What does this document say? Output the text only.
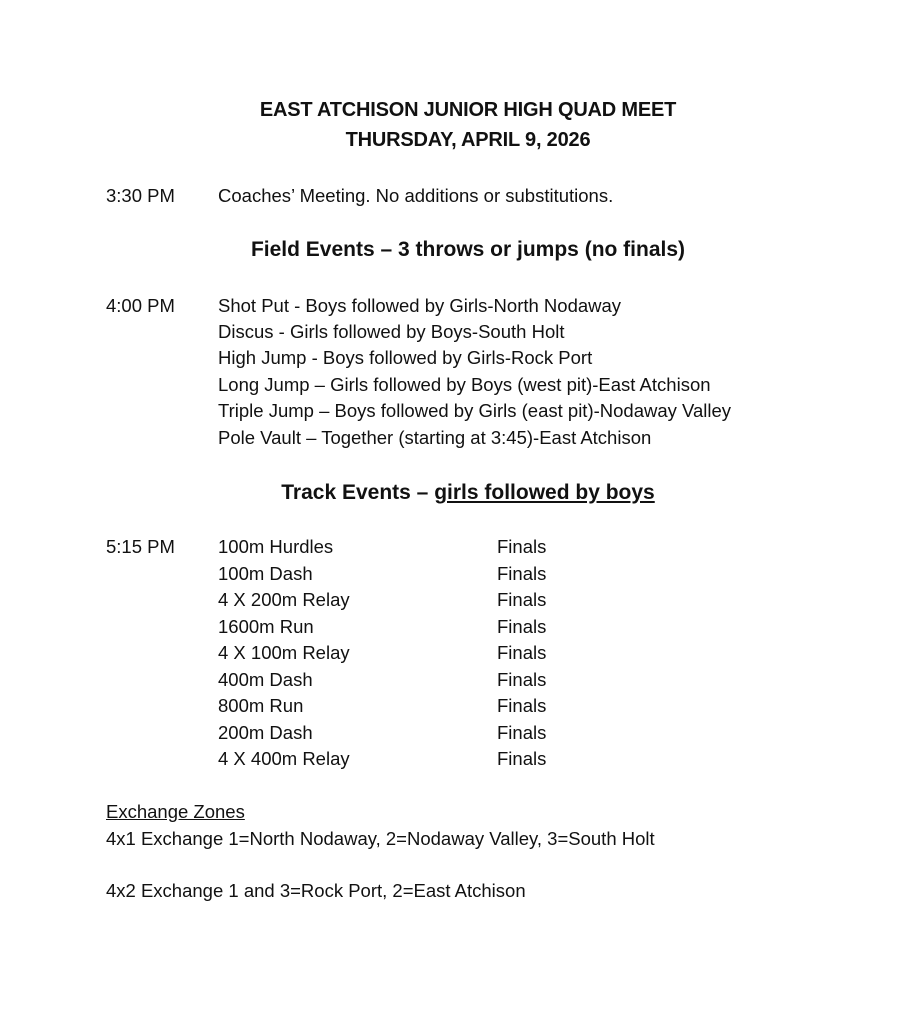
EAST ATCHISON JUNIOR HIGH QUAD MEET
THURSDAY, APRIL 9, 2026
3:30 PM Coaches’ Meeting. No additions or substitutions.
Field Events – 3 throws or jumps (no finals)
4:00 PM Shot Put - Boys followed by Girls-North Nodaway
Discus - Girls followed by Boys-South Holt
High Jump - Boys followed by Girls-Rock Port
Long Jump – Girls followed by Boys (west pit)-East Atchison
Triple Jump – Boys followed by Girls (east pit)-Nodaway Valley
Pole Vault – Together (starting at 3:45)-East Atchison
Track Events – girls followed by boys
5:15 PM 100m Hurdles	Finals
100m Dash	Finals
4 X 200m Relay	Finals
1600m Run	Finals
4 X 100m Relay	Finals
400m Dash	Finals
800m Run	Finals
200m Dash	Finals
4 X 400m Relay	Finals
Exchange Zones
4x1 Exchange 1=North Nodaway, 2=Nodaway Valley, 3=South Holt
4x2 Exchange 1 and 3=Rock Port, 2=East Atchison
